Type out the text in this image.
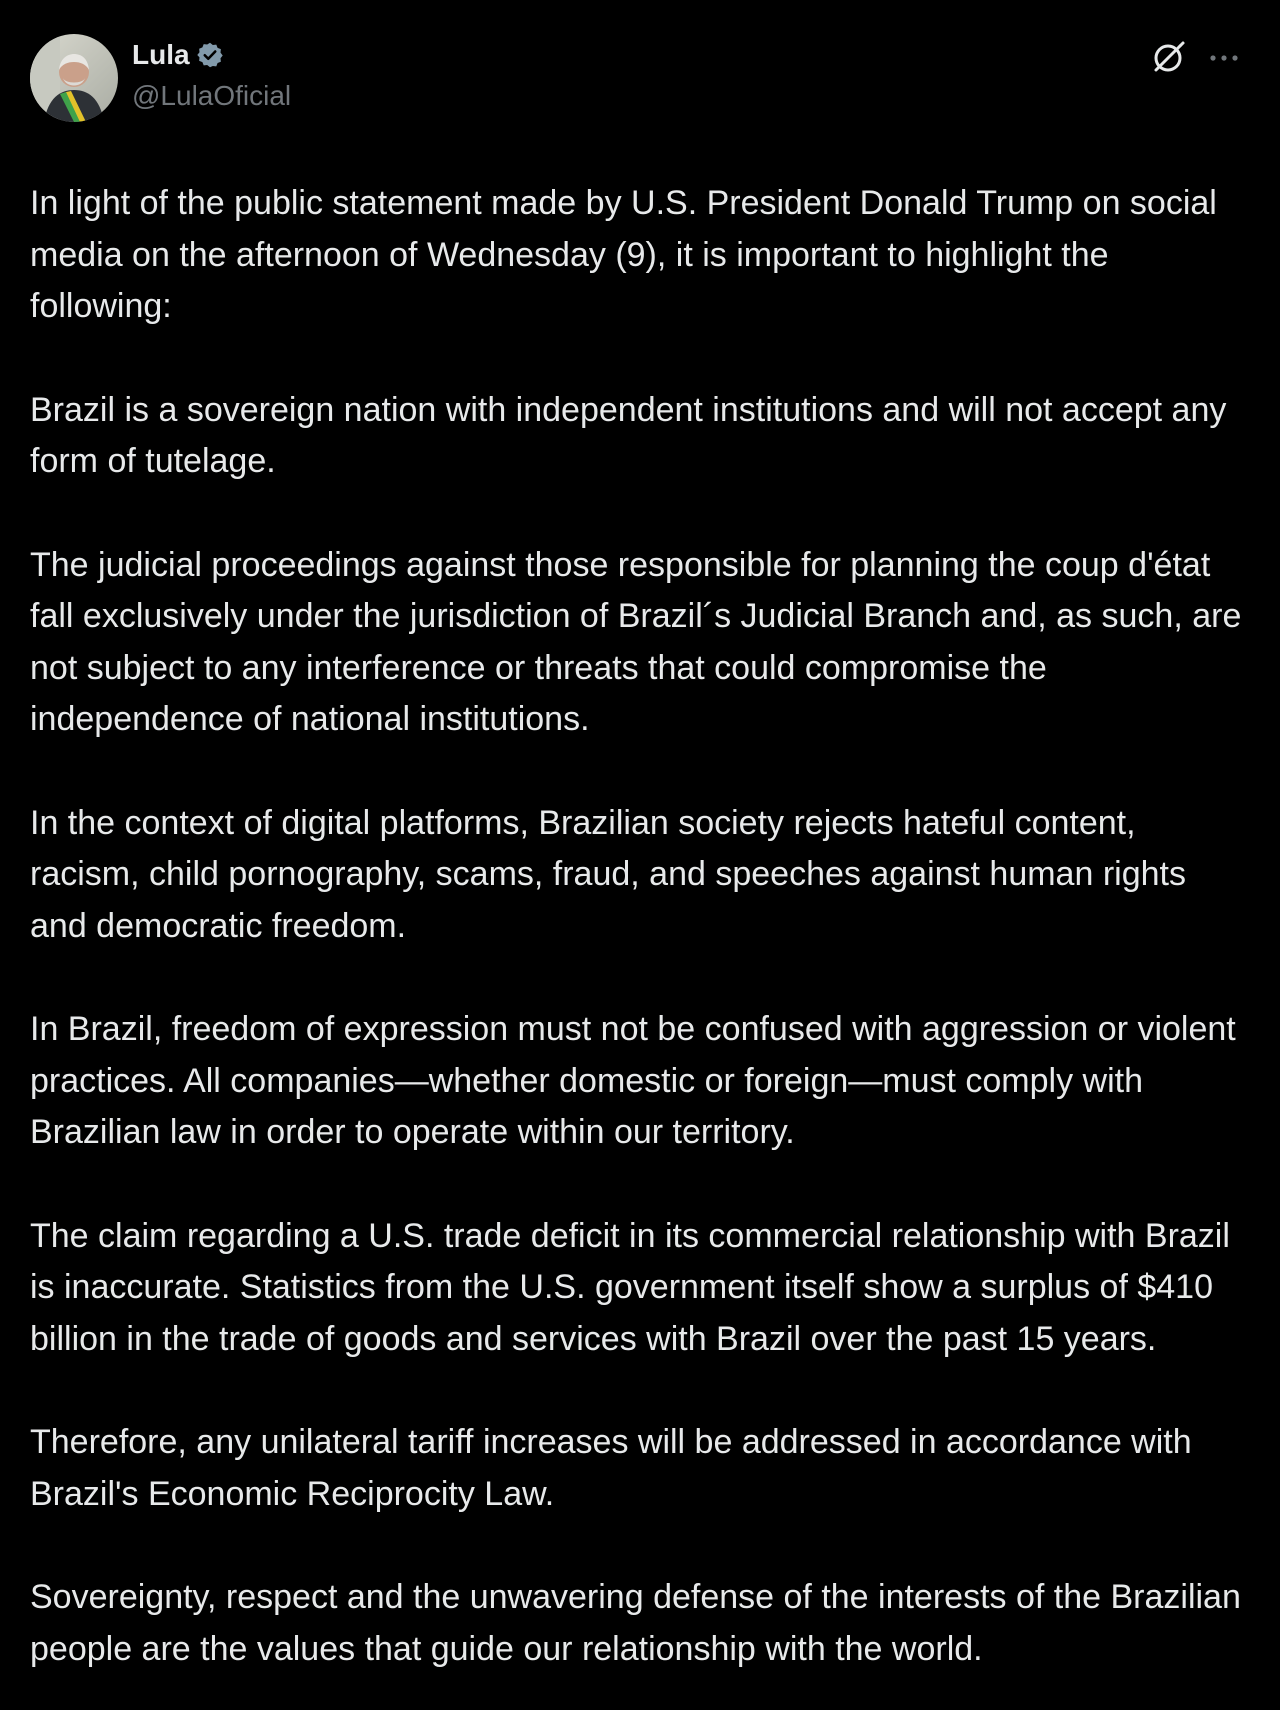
Lula
@LulaOficial

In light of the public statement made by U.S. President Donald Trump on social media on the afternoon of Wednesday (9), it is important to highlight the following:

Brazil is a sovereign nation with independent institutions and will not accept any form of tutelage.

The judicial proceedings against those responsible for planning the coup d'état fall exclusively under the jurisdiction of Brazil´s Judicial Branch and, as such, are not subject to any interference or threats that could compromise the independence of national institutions.

In the context of digital platforms, Brazilian society rejects hateful content, racism, child pornography, scams, fraud, and speeches against human rights and democratic freedom.

In Brazil, freedom of expression must not be confused with aggression or violent practices. All companies—whether domestic or foreign—must comply with Brazilian law in order to operate within our territory.

The claim regarding a U.S. trade deficit in its commercial relationship with Brazil is inaccurate. Statistics from the U.S. government itself show a surplus of $410 billion in the trade of goods and services with Brazil over the past 15 years.

Therefore, any unilateral tariff increases will be addressed in accordance with Brazil's Economic Reciprocity Law.

Sovereignty, respect and the unwavering defense of the interests of the Brazilian people are the values that guide our relationship with the world.
